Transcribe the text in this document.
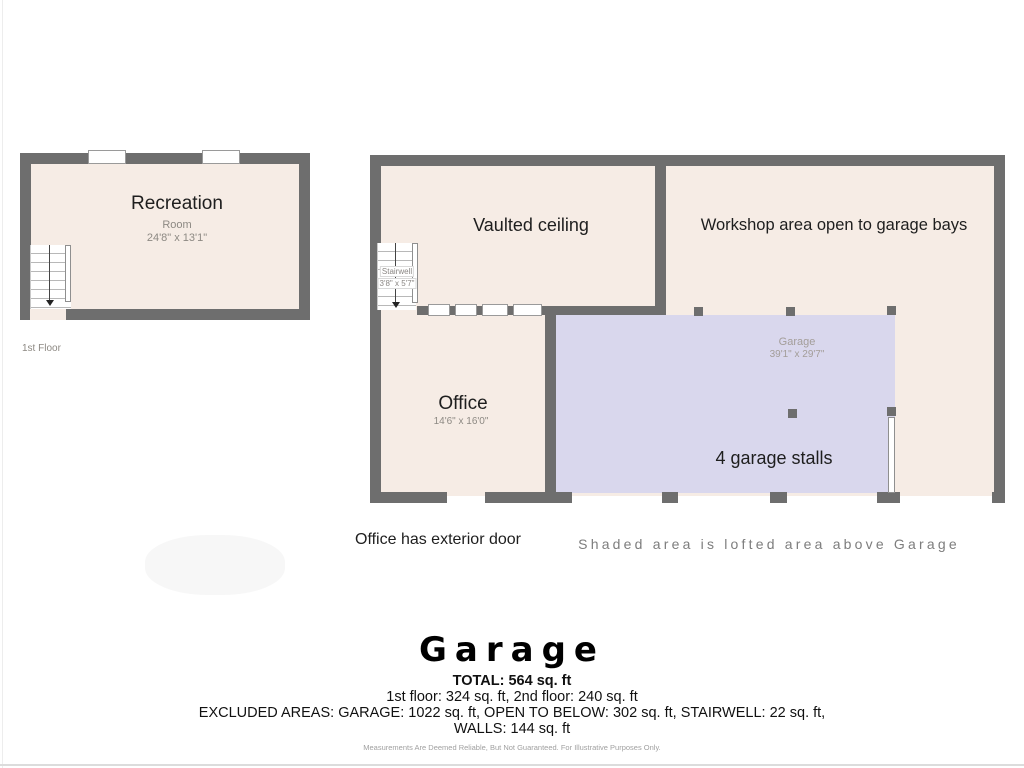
Recreation
Room
24'8" x 13'1"
1st Floor
Stairwell
3'8" x 5'7"
Vaulted ceiling	Workshop area open to garage bays
Office
14'6" x 16'0"
Garage
39'1" x 29'7"
4 garage stalls
Office has exterior door	Shaded area is lofted area above Garage
Garage
TOTAL: 564 sq. ft
1st floor: 324 sq. ft, 2nd floor: 240 sq. ft
EXCLUDED AREAS: GARAGE: 1022 sq. ft, OPEN TO BELOW: 302 sq. ft, STAIRWELL: 22 sq. ft,
WALLS: 144 sq. ft
Measurements Are Deemed Reliable, But Not Guaranteed. For Illustrative Purposes Only.
